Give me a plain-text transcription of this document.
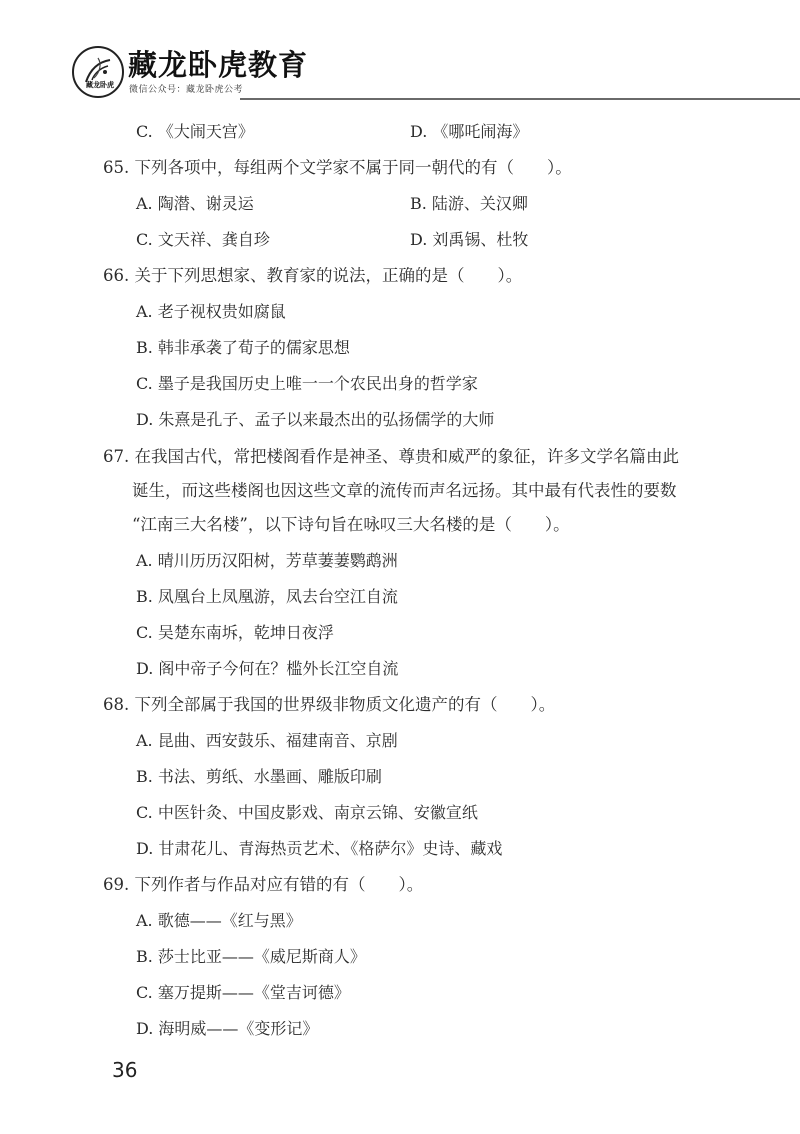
藏龙卧虎
藏龙卧虎教育
微信公众号：藏龙卧虎公考
C. 《大闹天宫》	D. 《哪吒闹海》
65. 下列各项中，每组两个文学家不属于同一朝代的有（　　）。
A. 陶潜、谢灵运	B. 陆游、关汉卿
C. 文天祥、龚自珍	D. 刘禹锡、杜牧
66. 关于下列思想家、教育家的说法，正确的是（　　）。
A. 老子视权贵如腐鼠
B. 韩非承袭了荀子的儒家思想
C. 墨子是我国历史上唯一一个农民出身的哲学家
D. 朱熹是孔子、孟子以来最杰出的弘扬儒学的大师
67. 在我国古代，常把楼阁看作是神圣、尊贵和威严的象征，许多文学名篇由此
诞生，而这些楼阁也因这些文章的流传而声名远扬。其中最有代表性的要数
“江南三大名楼”，以下诗句旨在咏叹三大名楼的是（　　）。
A. 晴川历历汉阳树，芳草萋萋鹦鹉洲
B. 凤凰台上凤凰游，凤去台空江自流
C. 吴楚东南坼，乾坤日夜浮
D. 阁中帝子今何在？槛外长江空自流
68. 下列全部属于我国的世界级非物质文化遗产的有（　　）。
A. 昆曲、西安鼓乐、福建南音、京剧
B. 书法、剪纸、水墨画、雕版印刷
C. 中医针灸、中国皮影戏、南京云锦、安徽宣纸
D. 甘肃花儿、青海热贡艺术、《格萨尔》史诗、藏戏
69. 下列作者与作品对应有错的有（　　）。
A. 歌德——《红与黑》
B. 莎士比亚——《威尼斯商人》
C. 塞万提斯——《堂吉诃德》
D. 海明威——《变形记》
36
